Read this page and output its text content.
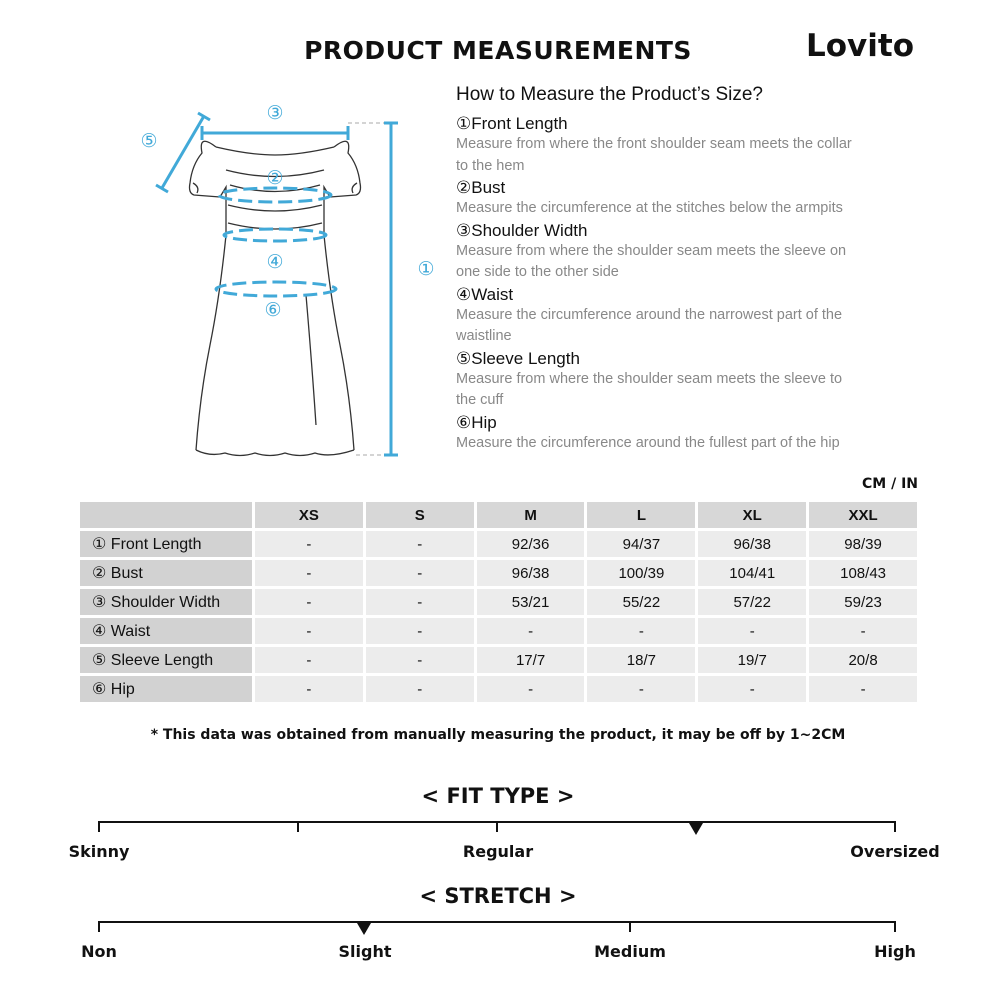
PRODUCT MEASUREMENTS	Lovito
①
②
③
④
⑤
⑥
How to Measure the Product’s Size?
①Front Length
Measure from where the front shoulder seam meets the collar
to the hem
②Bust
Measure the circumference at the stitches below the armpits
③Shoulder Width
Measure from where the shoulder seam meets the sleeve on
one side to the other side
④Waist
Measure the circumference around the narrowest part of the
waistline
⑤Sleeve Length
Measure from where the shoulder seam meets the sleeve to
the cuff
⑥Hip
Measure the circumference around the fullest part of the hip
CM / IN
	XS	S	M	L	XL	XXL
① Front Length	-	-	92/36	94/37	96/38	98/39
② Bust	-	-	96/38	100/39	104/41	108/43
③ Shoulder Width	-	-	53/21	55/22	57/22	59/23
④ Waist	-	-	-	-	-	-
⑤ Sleeve Length	-	-	17/7	18/7	19/7	20/8
⑥ Hip	-	-	-	-	-	-
* This data was obtained from manually measuring the product, it may be off by 1~2CM
< FIT TYPE >
Skinny	Regular	Oversized
< STRETCH >
Non	Slight	Medium	High
